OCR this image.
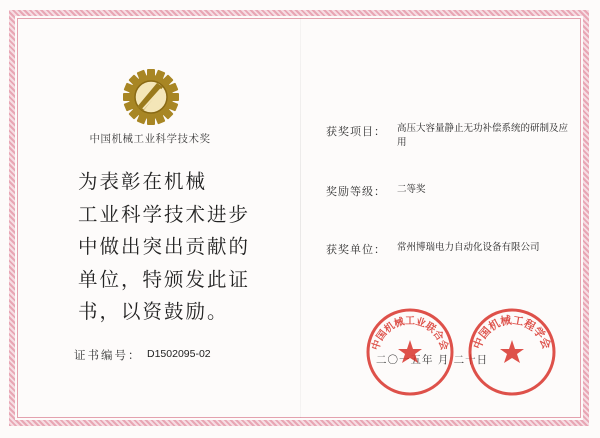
中国机械工业科学技术奖
为表彰在机械
工业科学技术进步
中做出突出贡献的
单位，特颁发此证
书，以资鼓励。
证书编号： D1502095-02
获奖项目： 高压大容量静止无功补偿系统的研制及应用
奖励等级： 二等奖
获奖单位： 常州博瑞电力自动化设备有限公司
二〇一五年 月 二十日
中国机械工业联合会 中国机械工程学会
